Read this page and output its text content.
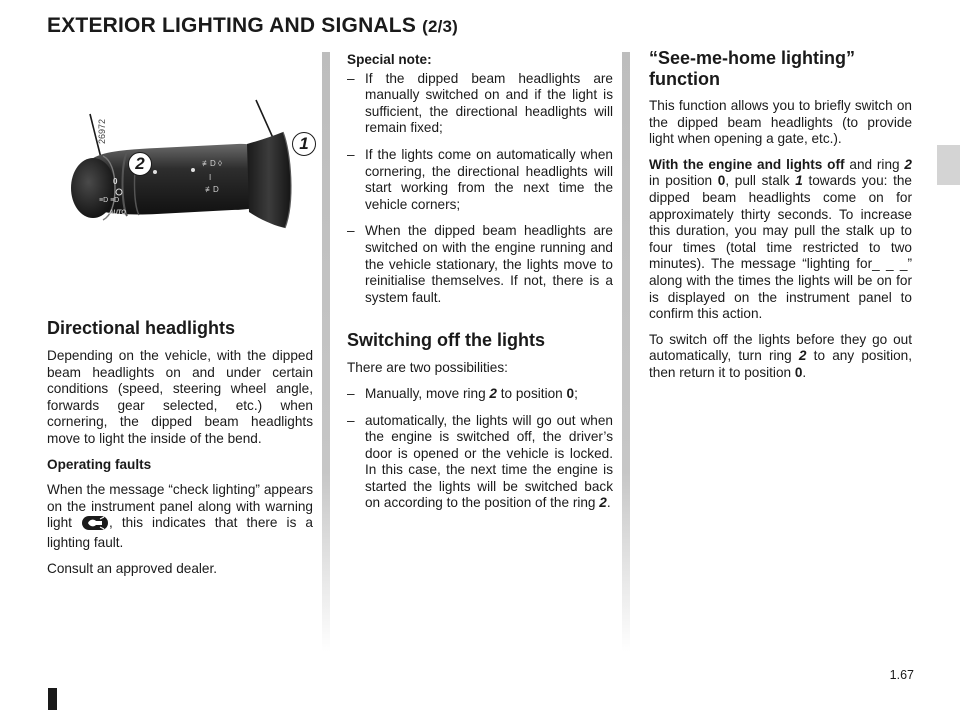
EXTERIOR LIGHTING AND SIGNALS (2/3)
0
≡D ≡D
AUTO
≢D ◊
I
≢D
26972	1
2
Directional headlights

Depending on the vehicle, with the dipped beam headlights on and under certain conditions (speed, steering wheel angle, forwards gear selected, etc.) when cornering, the dipped beam headlights move to light the inside of the bend.

Operating faults

When the message “check lighting” appears on the instrument panel along with warning light	, this indicates that there is a lighting fault.

Consult an approved dealer.

Special note:
– If the dipped beam headlights are manually switched on and if the light is sufficient, the directional headlights will remain fixed;
– If the lights come on automatically when cornering, the directional headlights will start working from the next time the vehicle corners;
– When the dipped beam headlights are switched on with the engine running and the vehicle stationary, the lights move to reinitialise themselves. If not, there is a system fault.
Switching off the lights

There are two possibilities:

– Manually, move ring 2 to position 0;
– automatically, the lights will go out when the engine is switched off, the driver’s door is opened or the vehicle is locked. In this case, the next time the engine is started the lights will be switched back on according to the position of the ring 2.
“See-me-home lighting” function

This function allows you to briefly switch on the dipped beam headlights (to provide light when opening a gate, etc.).

With the engine and lights off and ring 2 in position 0, pull stalk 1 towards you: the dipped beam headlights come on for approximately thirty seconds. To increase this duration, you may pull the stalk up to four times (total time restricted to two minutes). The message “lighting for_ _ _” along with the times the lights will be on for is displayed on the instrument panel to confirm this action.

To switch off the lights before they go out automatically, turn ring 2 to any position, then return it to position 0.

1.67
